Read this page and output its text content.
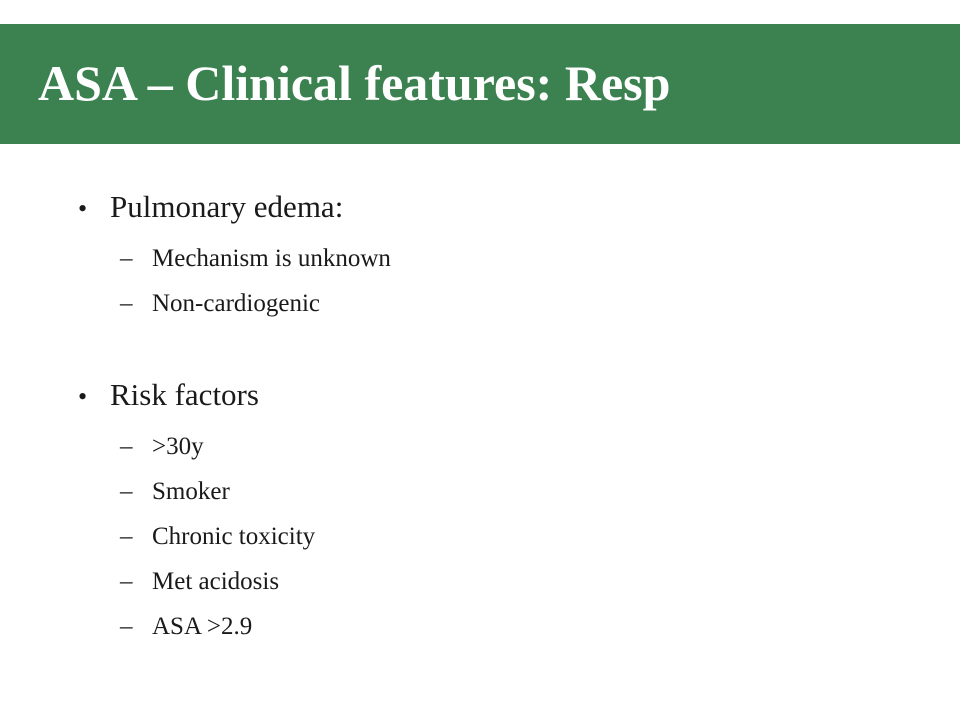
ASA – Clinical features: Resp
• Pulmonary edema:
– Mechanism is unknown
– Non-cardiogenic
• Risk factors
– >30y
– Smoker
– Chronic toxicity
– Met acidosis
– ASA >2.9
